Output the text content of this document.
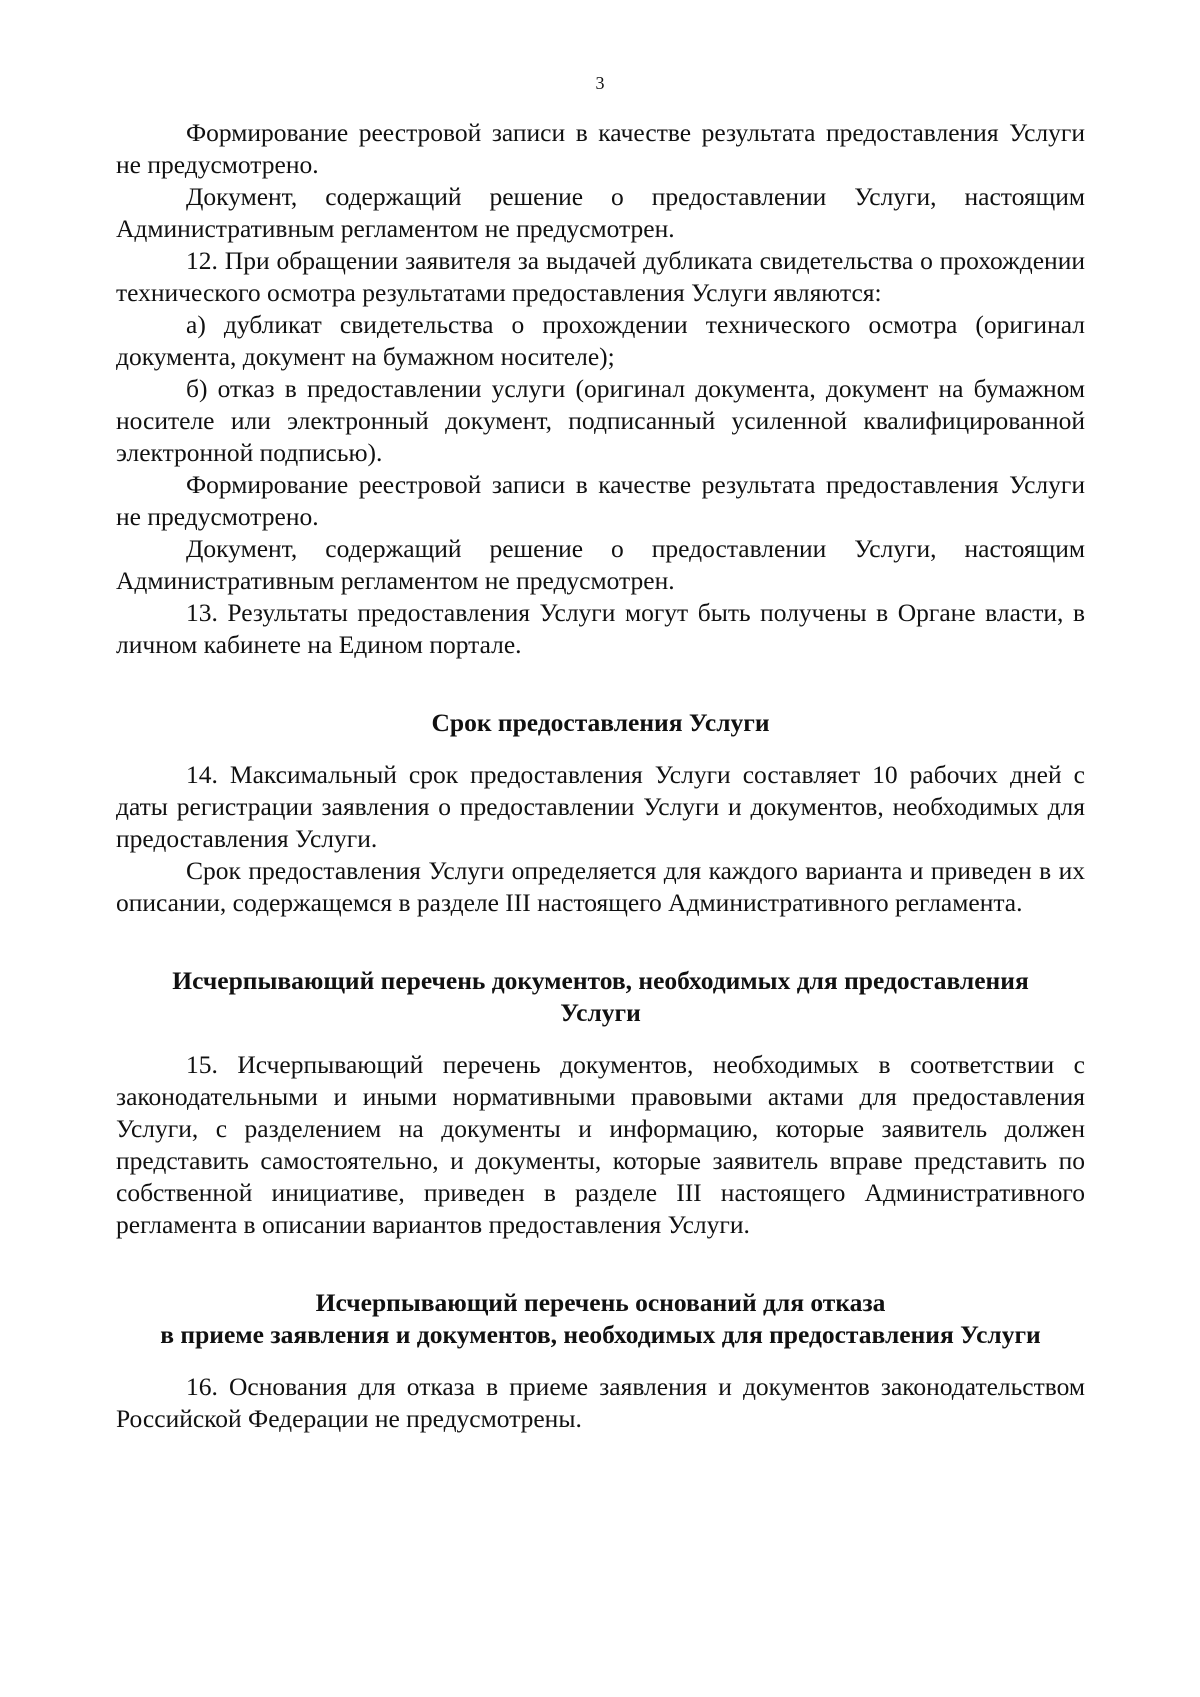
3

Формирование реестровой записи в качестве результата предоставления Услуги не предусмотрено.

Документ, содержащий решение о предоставлении Услуги, настоящим Административным регламентом не предусмотрен.

12. При обращении заявителя за выдачей дубликата свидетельства о прохождении технического осмотра результатами предоставления Услуги являются:

а) дубликат свидетельства о прохождении технического осмотра (оригинал документа, документ на бумажном носителе);

б) отказ в предоставлении услуги (оригинал документа, документ на бумажном носителе или электронный документ, подписанный усиленной квалифицированной электронной подписью).

Формирование реестровой записи в качестве результата предоставления Услуги не предусмотрено.

Документ, содержащий решение о предоставлении Услуги, настоящим Административным регламентом не предусмотрен.

13. Результаты предоставления Услуги могут быть получены в Органе власти, в личном кабинете на Едином портале.

Срок предоставления Услуги

14. Максимальный срок предоставления Услуги составляет 10 рабочих дней с даты регистрации заявления о предоставлении Услуги и документов, необходимых для предоставления Услуги.

Срок предоставления Услуги определяется для каждого варианта и приведен в их описании, содержащемся в разделе III настоящего Административного регламента.

Исчерпывающий перечень документов, необходимых для предоставления
Услуги

15. Исчерпывающий перечень документов, необходимых в соответствии с законодательными и иными нормативными правовыми актами для предоставления Услуги, с разделением на документы и информацию, которые заявитель должен представить самостоятельно, и документы, которые заявитель вправе представить по собственной инициативе, приведен в разделе III настоящего Административного регламента в описании вариантов предоставления Услуги.

Исчерпывающий перечень оснований для отказа
в приеме заявления и документов, необходимых для предоставления Услуги

16. Основания для отказа в приеме заявления и документов законодательством Российской Федерации не предусмотрены.
